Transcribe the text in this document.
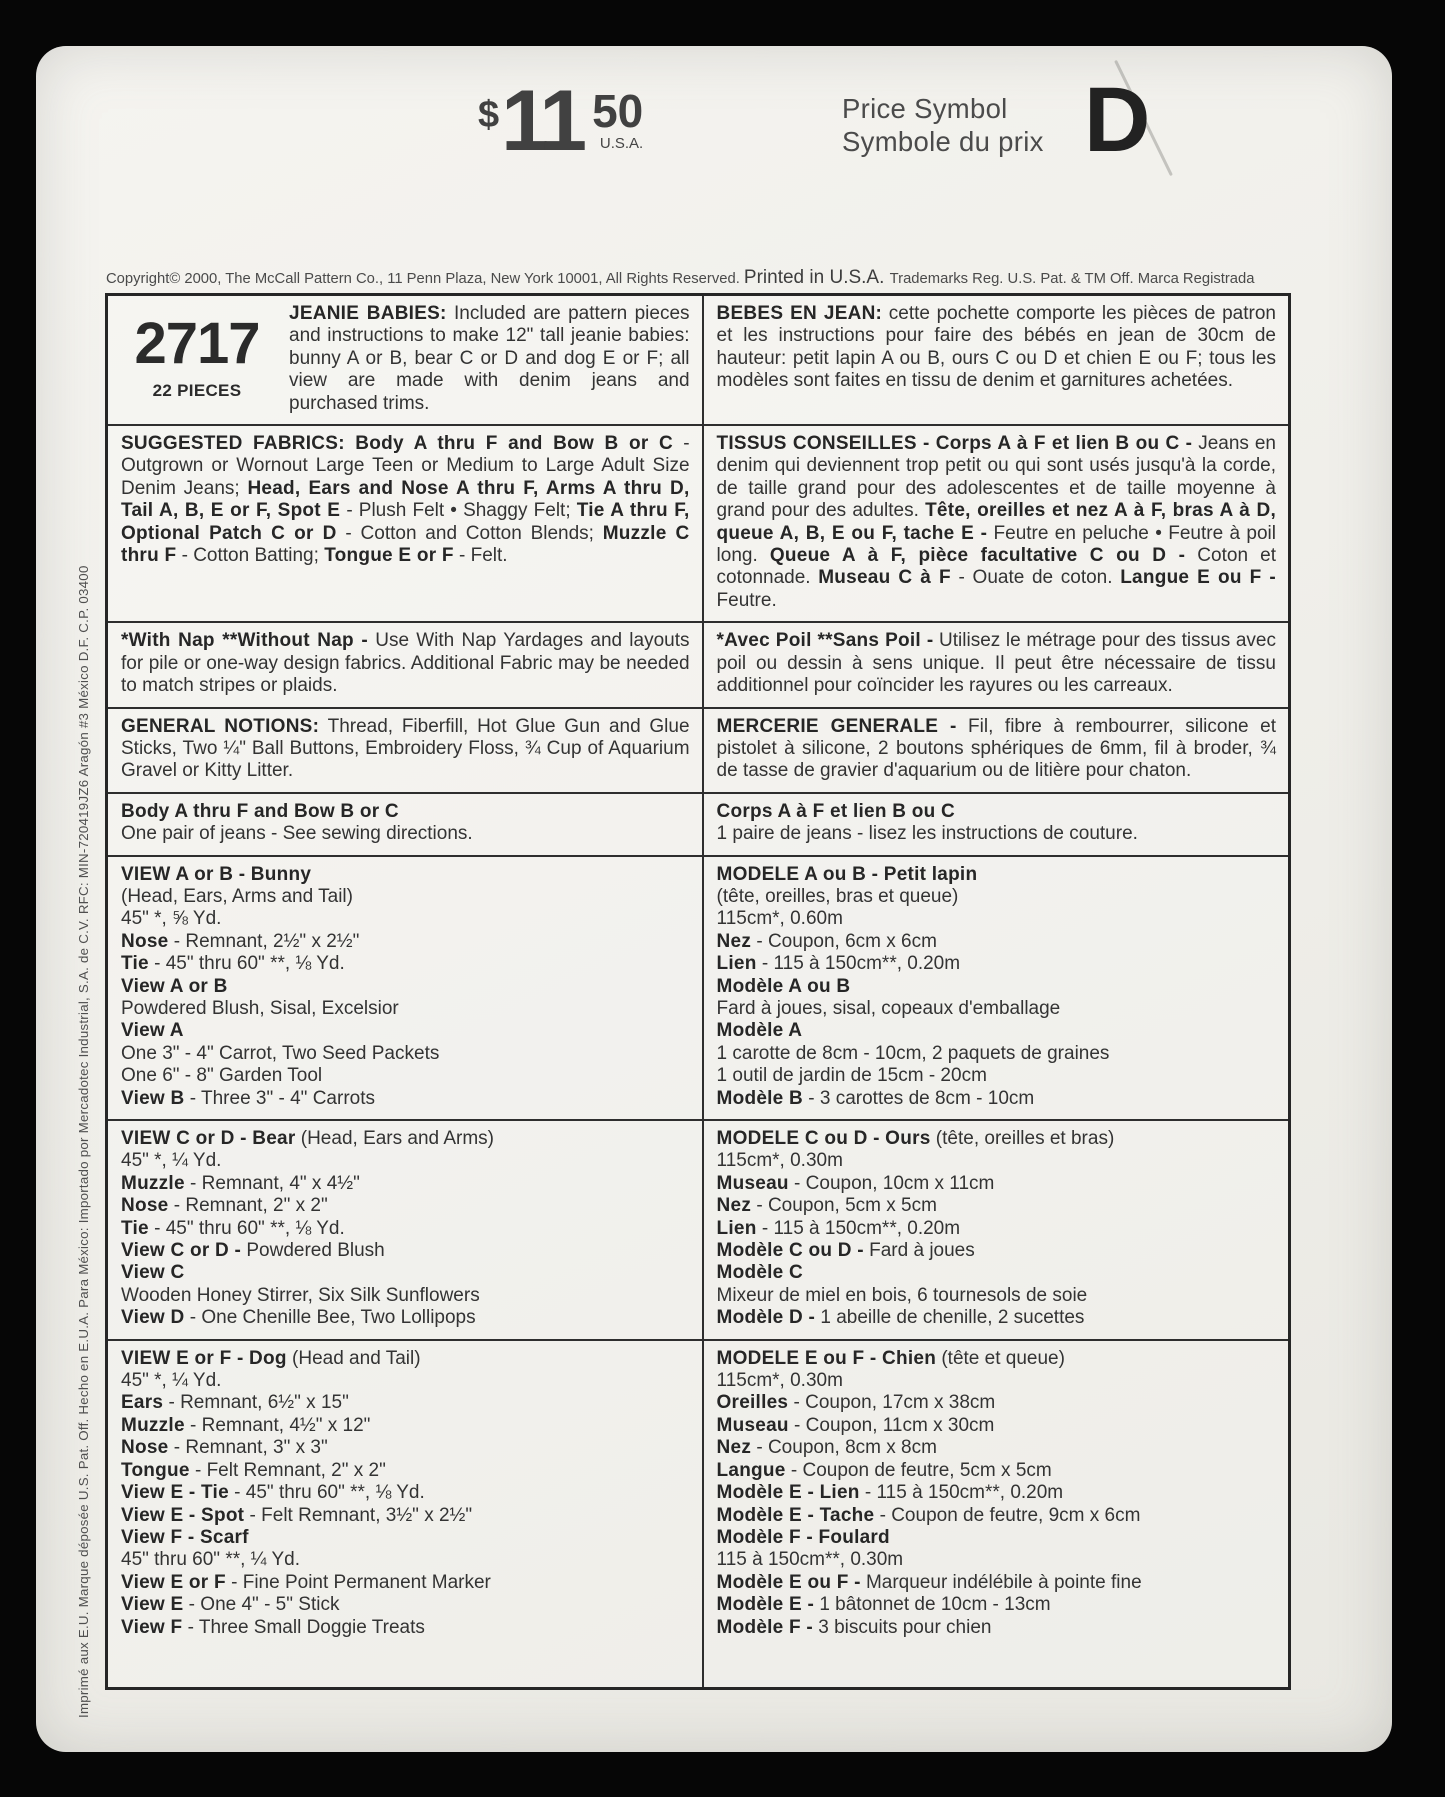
$ 11 50
U.S.A.
Price Symbol
Symbole du prix D
Copyright© 2000, The McCall Pattern Co., 11 Penn Plaza, New York 10001, All Rights Reserved. Printed in U.S.A. Trademarks Reg. U.S. Pat. & TM Off. Marca Registrada
Imprimé aux E.U. Marque déposée U.S. Pat. Off. Hecho en E.U.A. Para México: Importado por Mercadotec Industrial, S.A. de C.V. RFC: MIN-720419JZ6 Aragón #3 México D.F. C.P. 03400
2717
22 PIECES
JEANIE BABIES: Included are pattern pieces and instructions to make 12" tall jeanie babies: bunny A or B, bear C or D and dog E or F; all view are made with denim jeans and purchased trims.
BEBES EN JEAN: cette pochette comporte les pièces de patron et les instructions pour faire des bébés en jean de 30cm de hauteur: petit lapin A ou B, ours C ou D et chien E ou F; tous les modèles sont faites en tissu de denim et garnitures achetées.
SUGGESTED FABRICS: Body A thru F and Bow B or C - Outgrown or Wornout Large Teen or Medium to Large Adult Size Denim Jeans; Head, Ears and Nose A thru F, Arms A thru D, Tail A, B, E or F, Spot E - Plush Felt • Shaggy Felt; Tie A thru F, Optional Patch C or D - Cotton and Cotton Blends; Muzzle C thru F - Cotton Batting; Tongue E or F - Felt.
TISSUS CONSEILLES - Corps A à F et lien B ou C - Jeans en denim qui deviennent trop petit ou qui sont usés jusqu'à la corde, de taille grand pour des adolescentes et de taille moyenne à grand pour des adultes. Tête, oreilles et nez A à F, bras A à D, queue A, B, E ou F, tache E - Feutre en peluche • Feutre à poil long. Queue A à F, pièce facultative C ou D - Coton et cotonnade. Museau C à F - Ouate de coton. Langue E ou F - Feutre.
*With Nap **Without Nap - Use With Nap Yardages and layouts for pile or one-way design fabrics. Additional Fabric may be needed to match stripes or plaids.
*Avec Poil **Sans Poil - Utilisez le métrage pour des tissus avec poil ou dessin à sens unique. Il peut être nécessaire de tissu additionnel pour coïncider les rayures ou les carreaux.
GENERAL NOTIONS: Thread, Fiberfill, Hot Glue Gun and Glue Sticks, Two ¼" Ball Buttons, Embroidery Floss, ¾ Cup of Aquarium Gravel or Kitty Litter.
MERCERIE GENERALE - Fil, fibre à rembourrer, silicone et pistolet à silicone, 2 boutons sphériques de 6mm, fil à broder, ¾ de tasse de gravier d'aquarium ou de litière pour chaton.
Body A thru F and Bow B or C
One pair of jeans - See sewing directions.
Corps A à F et lien B ou C
1 paire de jeans - lisez les instructions de couture.
VIEW A or B - Bunny
(Head, Ears, Arms and Tail)
45" *, ⅝ Yd.
Nose - Remnant, 2½" x 2½"
Tie - 45" thru 60" **, ⅛ Yd.
View A or B
Powdered Blush, Sisal, Excelsior
View A
One 3" - 4" Carrot, Two Seed Packets
One 6" - 8" Garden Tool
View B - Three 3" - 4" Carrots
MODELE A ou B - Petit lapin
(tête, oreilles, bras et queue)
115cm*, 0.60m
Nez - Coupon, 6cm x 6cm
Lien - 115 à 150cm**, 0.20m
Modèle A ou B
Fard à joues, sisal, copeaux d'emballage
Modèle A
1 carotte de 8cm - 10cm, 2 paquets de graines
1 outil de jardin de 15cm - 20cm
Modèle B - 3 carottes de 8cm - 10cm
VIEW C or D - Bear (Head, Ears and Arms)
45" *, ¼ Yd.
Muzzle - Remnant, 4" x 4½"
Nose - Remnant, 2" x 2"
Tie - 45" thru 60" **, ⅛ Yd.
View C or D - Powdered Blush
View C
Wooden Honey Stirrer, Six Silk Sunflowers
View D - One Chenille Bee, Two Lollipops
MODELE C ou D - Ours (tête, oreilles et bras)
115cm*, 0.30m
Museau - Coupon, 10cm x 11cm
Nez - Coupon, 5cm x 5cm
Lien - 115 à 150cm**, 0.20m
Modèle C ou D - Fard à joues
Modèle C
Mixeur de miel en bois, 6 tournesols de soie
Modèle D - 1 abeille de chenille, 2 sucettes
VIEW E or F - Dog (Head and Tail)
45" *, ¼ Yd.
Ears - Remnant, 6½" x 15"
Muzzle - Remnant, 4½" x 12"
Nose - Remnant, 3" x 3"
Tongue - Felt Remnant, 2" x 2"
View E - Tie - 45" thru 60" **, ⅛ Yd.
View E - Spot - Felt Remnant, 3½" x 2½"
View F - Scarf
45" thru 60" **, ¼ Yd.
View E or F - Fine Point Permanent Marker
View E - One 4" - 5" Stick
View F - Three Small Doggie Treats
MODELE E ou F - Chien (tête et queue)
115cm*, 0.30m
Oreilles - Coupon, 17cm x 38cm
Museau - Coupon, 11cm x 30cm
Nez - Coupon, 8cm x 8cm
Langue - Coupon de feutre, 5cm x 5cm
Modèle E - Lien - 115 à 150cm**, 0.20m
Modèle E - Tache - Coupon de feutre, 9cm x 6cm
Modèle F - Foulard
115 à 150cm**, 0.30m
Modèle E ou F - Marqueur indélébile à pointe fine
Modèle E - 1 bâtonnet de 10cm - 13cm
Modèle F - 3 biscuits pour chien
